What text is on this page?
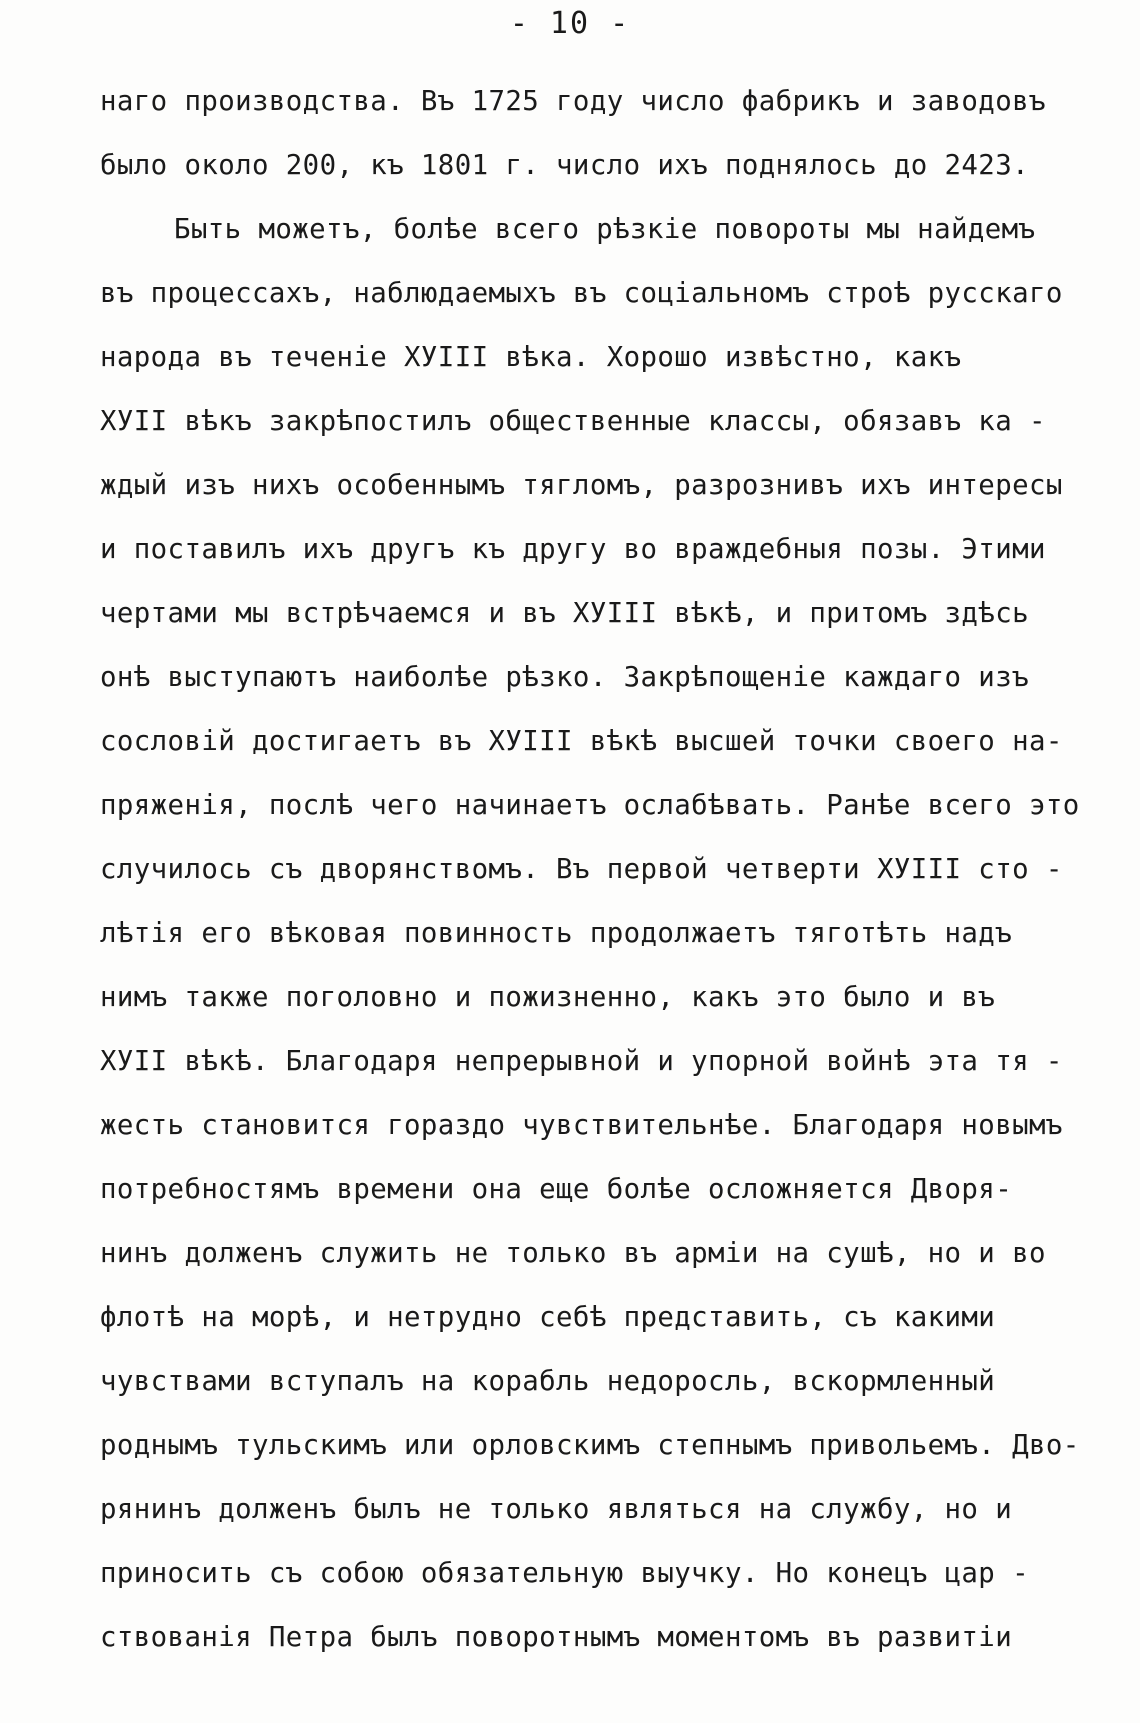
- 10 -
наго производства. Въ 1725 году число фабрикъ и заводовъ
было около 200, къ 1801 г. число ихъ поднялось до 2423.
Быть можетъ, болѣе всего рѣзкіе повороты мы найдемъ
въ процессахъ, наблюдаемыхъ въ соціальномъ строѣ русскаго
народа въ теченіе ХУІІІ вѣка. Хорошо извѣстно, какъ
ХУІІ вѣкъ закрѣпостилъ общественные классы, обязавъ ка -
ждый изъ нихъ особеннымъ тягломъ, разрознивъ ихъ интересы
и поставилъ ихъ другъ къ другу во враждебныя позы. Этими
чертами мы встрѣчаемся и въ ХУІІІ вѣкѣ, и притомъ здѣсь
онѣ выступаютъ наиболѣе рѣзко. Закрѣпощеніе каждаго изъ
сословій достигаетъ въ ХУІІІ вѣкѣ высшей точки своего на-
пряженія, послѣ чего начинаетъ ослабѣвать. Ранѣе всего это
случилось съ дворянствомъ. Въ первой четверти ХУІІІ сто -
лѣтія его вѣковая повинность продолжаетъ тяготѣть надъ
нимъ также поголовно и пожизненно, какъ это было и въ
ХУІІ вѣкѣ. Благодаря непрерывной и упорной войнѣ эта тя -
жесть становится гораздо чувствительнѣе. Благодаря новымъ
потребностямъ времени она еще болѣе осложняется Дворя-
нинъ долженъ служить не только въ арміи на сушѣ, но и во
флотѣ на морѣ, и нетрудно себѣ представить, съ какими
чувствами вступалъ на корабль недоросль, вскормленный
роднымъ тульскимъ или орловскимъ степнымъ привольемъ. Дво-
рянинъ долженъ былъ не только являться на службу, но и
приносить съ собою обязательную выучку. Но конецъ цар -
ствованія Петра былъ поворотнымъ моментомъ въ развитіи
